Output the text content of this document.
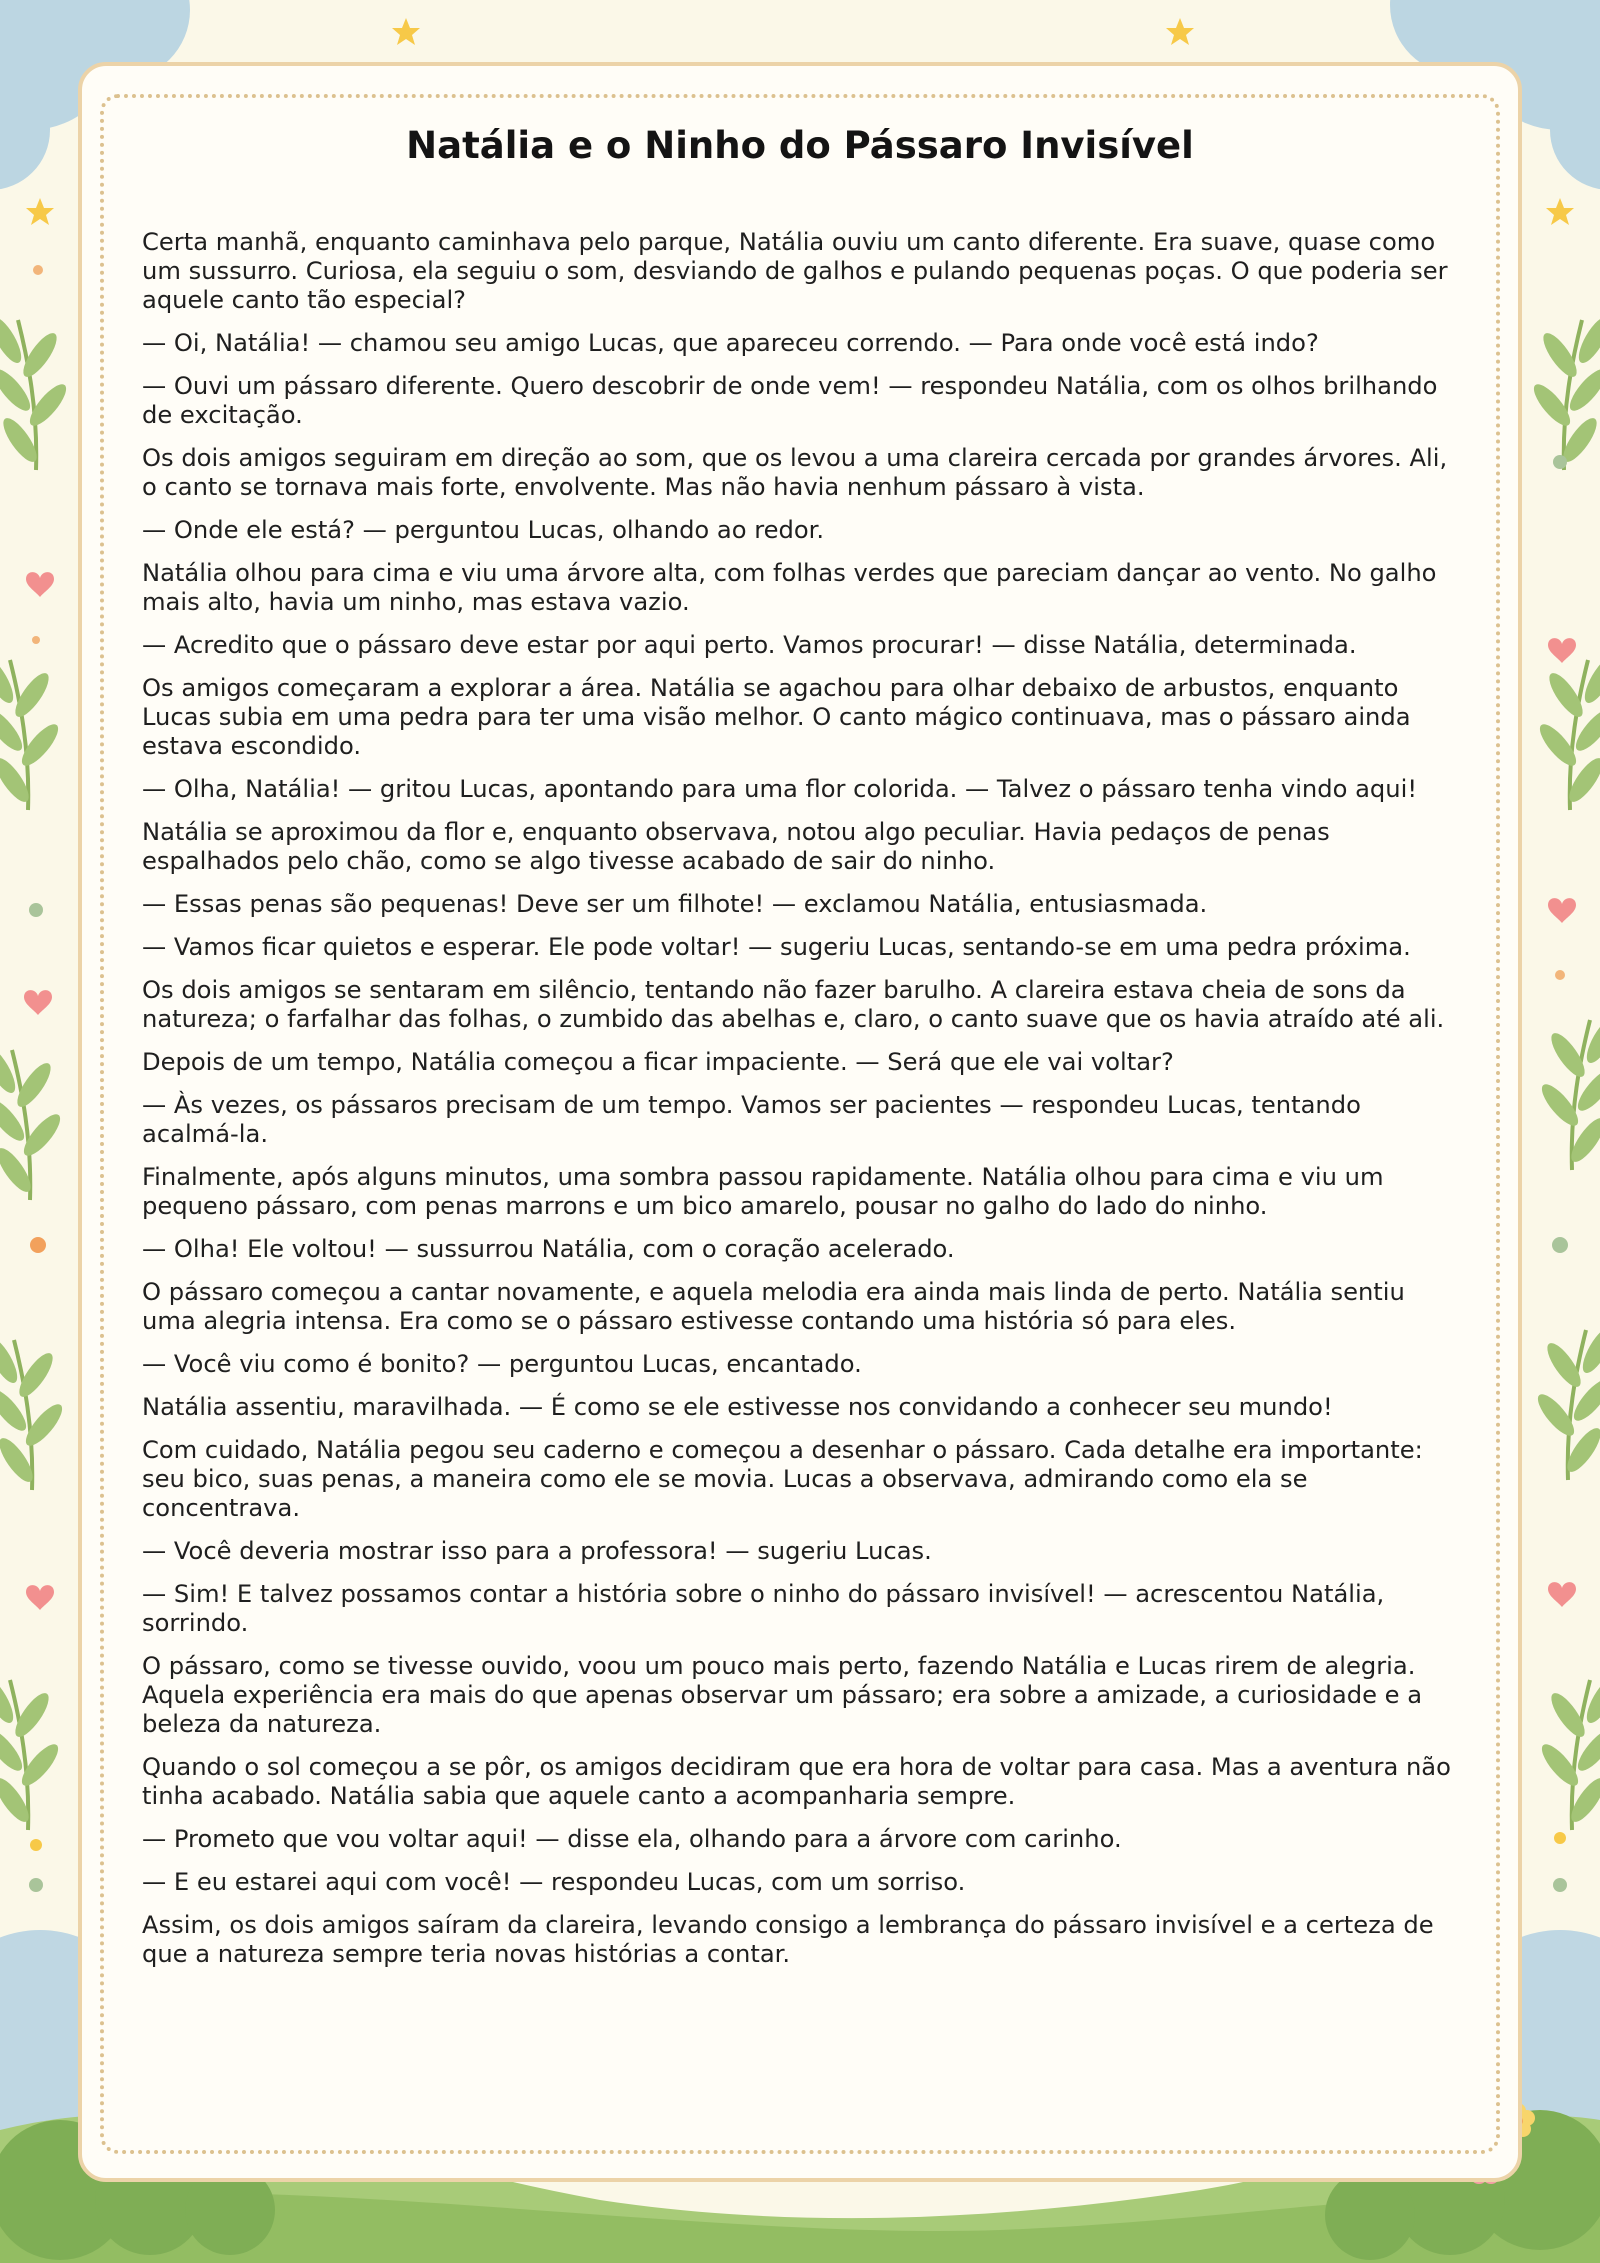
Natália e o Ninho do Pássaro Invisível

Certa manhã, enquanto caminhava pelo parque, Natália ouviu um canto diferente. Era suave, quase como um sussurro. Curiosa, ela seguiu o som, desviando de galhos e pulando pequenas poças. O que poderia ser aquele canto tão especial?

— Oi, Natália! — chamou seu amigo Lucas, que apareceu correndo. — Para onde você está indo?

— Ouvi um pássaro diferente. Quero descobrir de onde vem! — respondeu Natália, com os olhos brilhando de excitação.

Os dois amigos seguiram em direção ao som, que os levou a uma clareira cercada por grandes árvores. Ali, o canto se tornava mais forte, envolvente. Mas não havia nenhum pássaro à vista.

— Onde ele está? — perguntou Lucas, olhando ao redor.

Natália olhou para cima e viu uma árvore alta, com folhas verdes que pareciam dançar ao vento. No galho mais alto, havia um ninho, mas estava vazio.

— Acredito que o pássaro deve estar por aqui perto. Vamos procurar! — disse Natália, determinada.

Os amigos começaram a explorar a área. Natália se agachou para olhar debaixo de arbustos, enquanto Lucas subia em uma pedra para ter uma visão melhor. O canto mágico continuava, mas o pássaro ainda estava escondido.

— Olha, Natália! — gritou Lucas, apontando para uma flor colorida. — Talvez o pássaro tenha vindo aqui!

Natália se aproximou da flor e, enquanto observava, notou algo peculiar. Havia pedaços de penas espalhados pelo chão, como se algo tivesse acabado de sair do ninho.

— Essas penas são pequenas! Deve ser um filhote! — exclamou Natália, entusiasmada.

— Vamos ficar quietos e esperar. Ele pode voltar! — sugeriu Lucas, sentando-se em uma pedra próxima.

Os dois amigos se sentaram em silêncio, tentando não fazer barulho. A clareira estava cheia de sons da natureza; o farfalhar das folhas, o zumbido das abelhas e, claro, o canto suave que os havia atraído até ali.

Depois de um tempo, Natália começou a ficar impaciente. — Será que ele vai voltar?

— Às vezes, os pássaros precisam de um tempo. Vamos ser pacientes — respondeu Lucas, tentando acalmá-la.

Finalmente, após alguns minutos, uma sombra passou rapidamente. Natália olhou para cima e viu um pequeno pássaro, com penas marrons e um bico amarelo, pousar no galho do lado do ninho.

— Olha! Ele voltou! — sussurrou Natália, com o coração acelerado.

O pássaro começou a cantar novamente, e aquela melodia era ainda mais linda de perto. Natália sentiu uma alegria intensa. Era como se o pássaro estivesse contando uma história só para eles.

— Você viu como é bonito? — perguntou Lucas, encantado.

Natália assentiu, maravilhada. — É como se ele estivesse nos convidando a conhecer seu mundo!

Com cuidado, Natália pegou seu caderno e começou a desenhar o pássaro. Cada detalhe era importante: seu bico, suas penas, a maneira como ele se movia. Lucas a observava, admirando como ela se concentrava.

— Você deveria mostrar isso para a professora! — sugeriu Lucas.

— Sim! E talvez possamos contar a história sobre o ninho do pássaro invisível! — acrescentou Natália, sorrindo.

O pássaro, como se tivesse ouvido, voou um pouco mais perto, fazendo Natália e Lucas rirem de alegria. Aquela experiência era mais do que apenas observar um pássaro; era sobre a amizade, a curiosidade e a beleza da natureza.

Quando o sol começou a se pôr, os amigos decidiram que era hora de voltar para casa. Mas a aventura não tinha acabado. Natália sabia que aquele canto a acompanharia sempre.

— Prometo que vou voltar aqui! — disse ela, olhando para a árvore com carinho.

— E eu estarei aqui com você! — respondeu Lucas, com um sorriso.

Assim, os dois amigos saíram da clareira, levando consigo a lembrança do pássaro invisível e a certeza de que a natureza sempre teria novas histórias a contar.
